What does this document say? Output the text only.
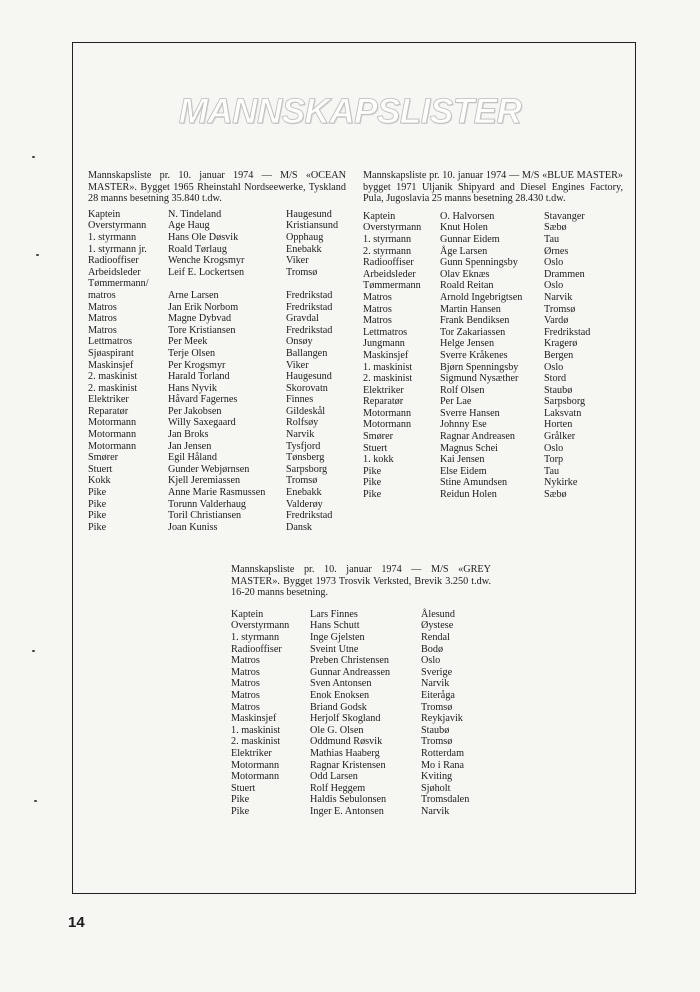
MANNSKAPSLISTER
Mannskapsliste pr. 10. januar 1974 — M/S «OCEAN MASTER». Bygget 1965 Rheinstahl Nordseewerke, Tyskland 28 manns besetning 35.840 t.dw.
Kaptein	N. Tindeland	Haugesund
Overstyrmann	Age Haug	Kristiansund
1. styrmann	Hans Ole Døsvik	Opphaug
1. styrmann jr.	Roald Tørlaug	Enebakk
Radiooffiser	Wenche Krogsmyr	Viker
Arbeidsleder	Leif E. Lockertsen	Tromsø
Tømmermann/		
matros	Arne Larsen	Fredrikstad
Matros	Jan Erik Norbom	Fredrikstad
Matros	Magne Dybvad	Gravdal
Matros	Tore Kristiansen	Fredrikstad
Lettmatros	Per Meek	Onsøy
Sjøaspirant	Terje Olsen	Ballangen
Maskinsjef	Per Krogsmyr	Viker
2. maskinist	Harald Torland	Haugesund
2. maskinist	Hans Nyvik	Skorovatn
Elektriker	Håvard Fagernes	Finnes
Reparatør	Per Jakobsen	Gildeskål
Motormann	Willy Saxegaard	Rolfsøy
Motormann	Jan Broks	Narvik
Motormann	Jan Jensen	Tysfjord
Smører	Egil Håland	Tønsberg
Stuert	Gunder Webjørnsen	Sarpsborg
Kokk	Kjell Jeremiassen	Tromsø
Pike	Anne Marie Rasmussen	Enebakk
Pike	Torunn Valderhaug	Valderøy
Pike	Toril Christiansen	Fredrikstad
Pike	Joan Kuniss	Dansk
Mannskapsliste pr. 10. januar 1974 — M/S «BLUE MASTER» bygget 1971 Uljanik Shipyard and Diesel Engines Factory, Pula, Jugoslavia 25 manns besetning 28.430 t.dw.
Kaptein	O. Halvorsen	Stavanger
Overstyrmann	Knut Holen	Sæbø
1. styrmann	Gunnar Eidem	Tau
2. styrmann	Åge Larsen	Ørnes
Radiooffiser	Gunn Spenningsby	Oslo
Arbeidsleder	Olav Eknæs	Drammen
Tømmermann	Roald Reitan	Oslo
Matros	Arnold Ingebrigtsen	Narvik
Matros	Martin Hansen	Tromsø
Matros	Frank Bendiksen	Vardø
Lettmatros	Tor Zakariassen	Fredrikstad
Jungmann	Helge Jensen	Kragerø
Maskinsjef	Sverre Kråkenes	Bergen
1. maskinist	Bjørn Spenningsby	Oslo
2. maskinist	Sigmund Nysæther	Stord
Elektriker	Rolf Olsen	Staubø
Reparatør	Per Lae	Sarpsborg
Motormann	Sverre Hansen	Laksvatn
Motormann	Johnny Ese	Horten
Smører	Ragnar Andreasen	Grålker
Stuert	Magnus Schei	Oslo
1. kokk	Kai Jensen	Torp
Pike	Else Eidem	Tau
Pike	Stine Amundsen	Nykirke
Pike	Reidun Holen	Sæbø
Mannskapsliste pr. 10. januar 1974 — M/S «GREY MASTER». Bygget 1973 Trosvik Verksted, Brevik 3.250 t.dw. 16-20 manns besetning.
Kaptein	Lars Finnes	Ålesund
Overstyrmann	Hans Schutt	Øystese
1. styrmann	Inge Gjelsten	Rendal
Radiooffiser	Sveint Utne	Bodø
Matros	Preben Christensen	Oslo
Matros	Gunnar Andreassen	Sverige
Matros	Sven Antonsen	Narvik
Matros	Enok Enoksen	Eiteråga
Matros	Briand Godsk	Tromsø
Maskinsjef	Herjolf Skogland	Reykjavik
1. maskinist	Ole G. Olsen	Staubø
2. maskinist	Oddmund Røsvik	Tromsø
Elektriker	Mathias Haaberg	Rotterdam
Motormann	Ragnar Kristensen	Mo i Rana
Motormann	Odd Larsen	Kviting
Stuert	Rolf Heggem	Sjøholt
Pike	Haldis Sebulonsen	Tromsdalen
Pike	Inger E. Antonsen	Narvik
14
